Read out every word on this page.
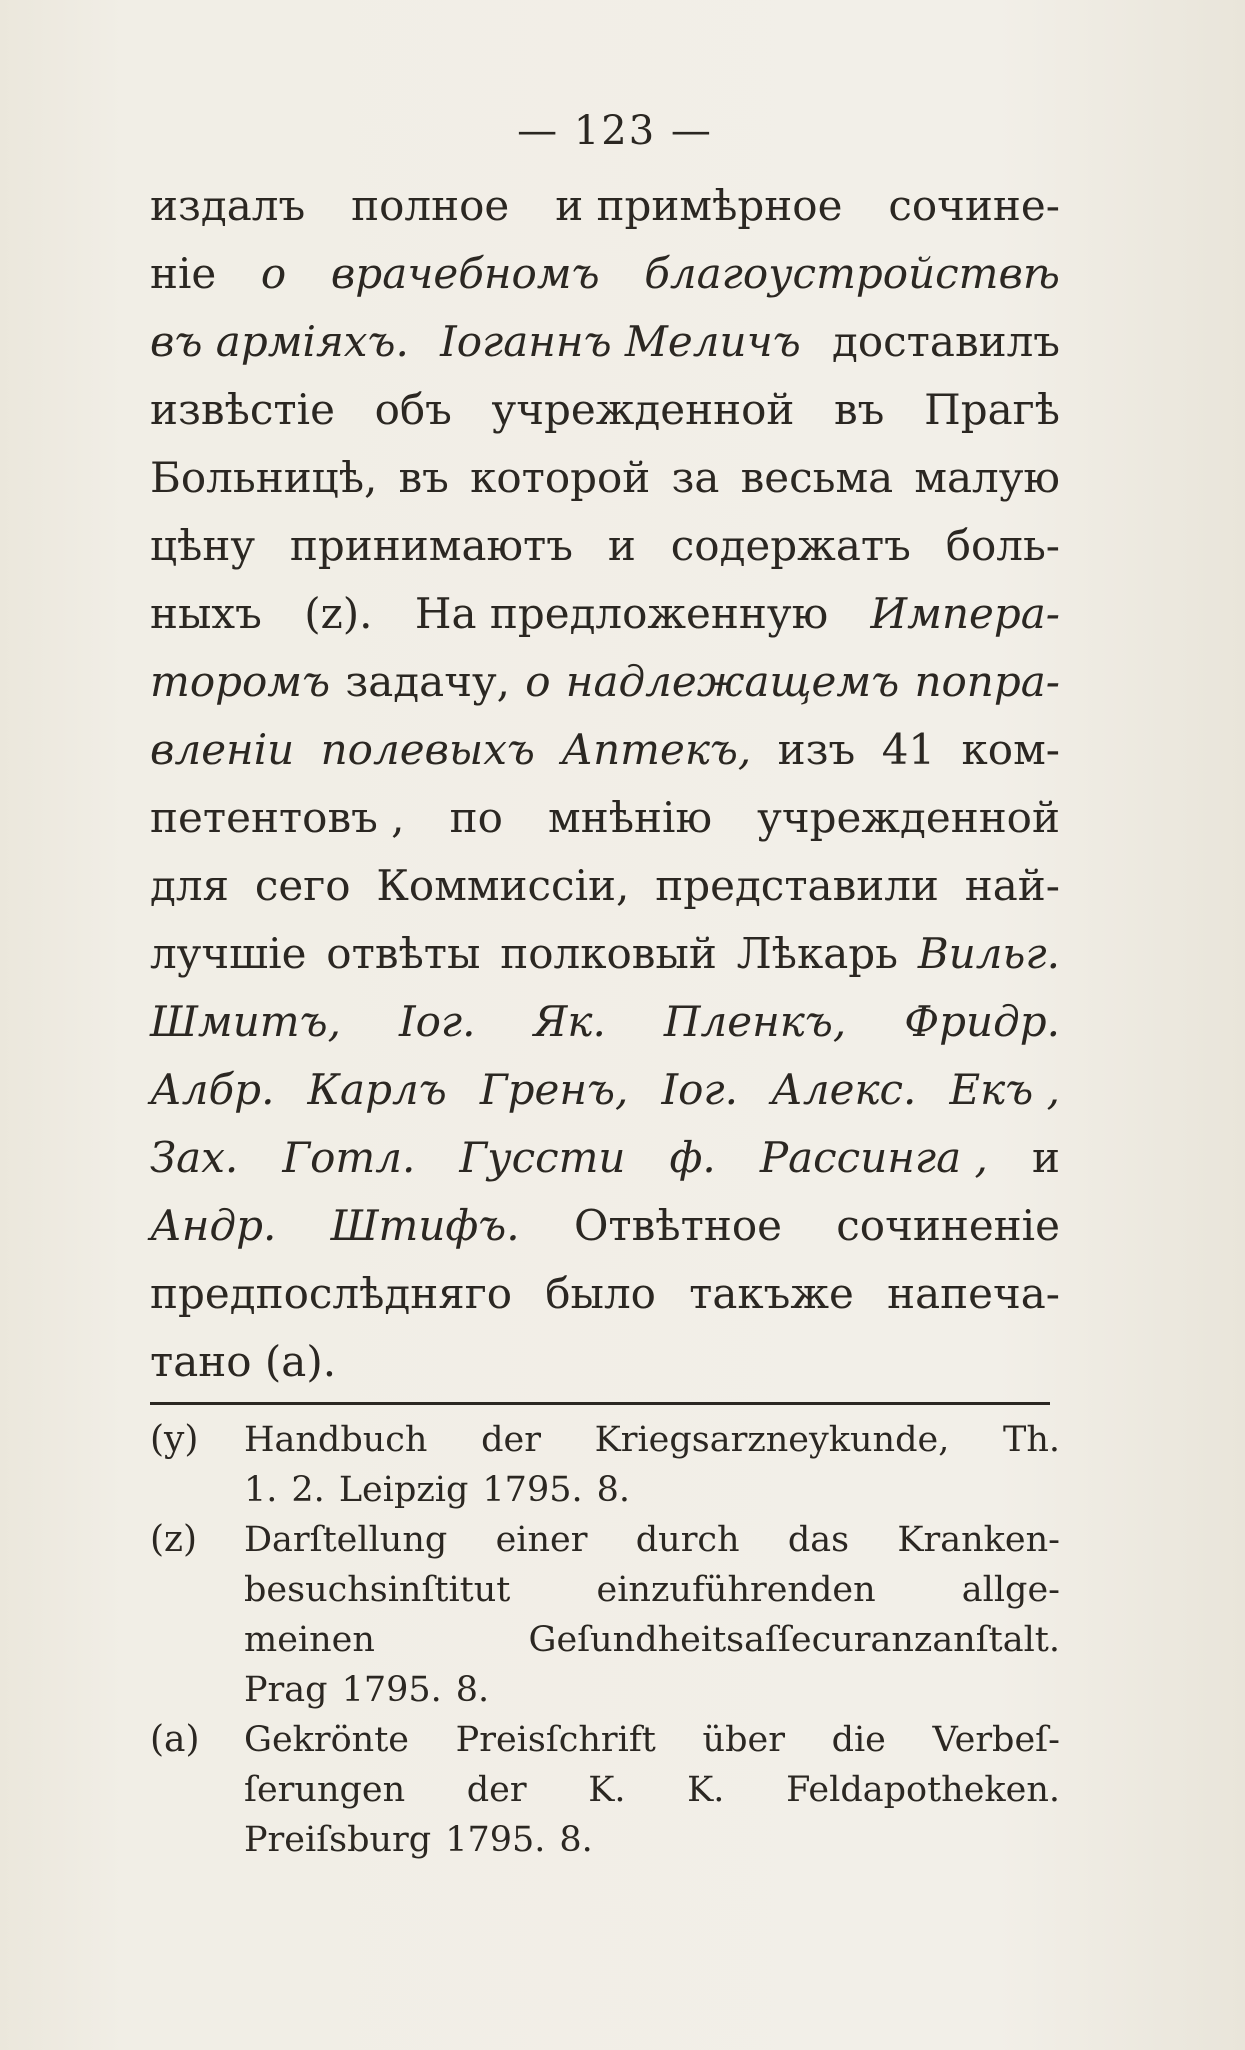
— 123 —
издалъ полное и примѣрное сочине-
ніе о врачебномъ благоустройствѣ
въ арміяхъ. Іоганнъ Меличъ доставилъ
извѣстіе объ учрежденной въ Прагѣ
Больницѣ, въ которой за весьма малую
цѣну принимаютъ и содержатъ боль-
ныхъ (z). На предложенную Импера-
торомъ задачу, о надлежащемъ попра-
вленіи полевыхъ Аптекъ, изъ 41 ком-
петентовъ , по мнѣнію учрежденной
для сего Коммиссіи, представили най-
лучшіе отвѣты полковый Лѣкарь Вильг.
Шмитъ, Іог. Як. Пленкъ, Фридр.
Албр. Карлъ Гренъ, Іог. Алекс. Екъ ,
Зах. Готл. Гуссти ф. Рассинга , и
Андр. Штифъ. Отвѣтное сочиненіе
предпослѣдняго было такъже напеча-
тано (а).
(y)	Handbuch der Kriegsarzneykunde, Th.
1. 2. Leipzig 1795. 8.
(z)	Darſtellung einer durch das Kranken-
besuchsinſtitut einzuführenden allge-
meinen	Geſundheitsaſſecuranzanſtalt.
Prag 1795. 8.
(a)	Gekrönte Preisſchrift über die Verbeſ-
ſerungen der K. K. Feldapotheken.
Preiſsburg 1795. 8.
